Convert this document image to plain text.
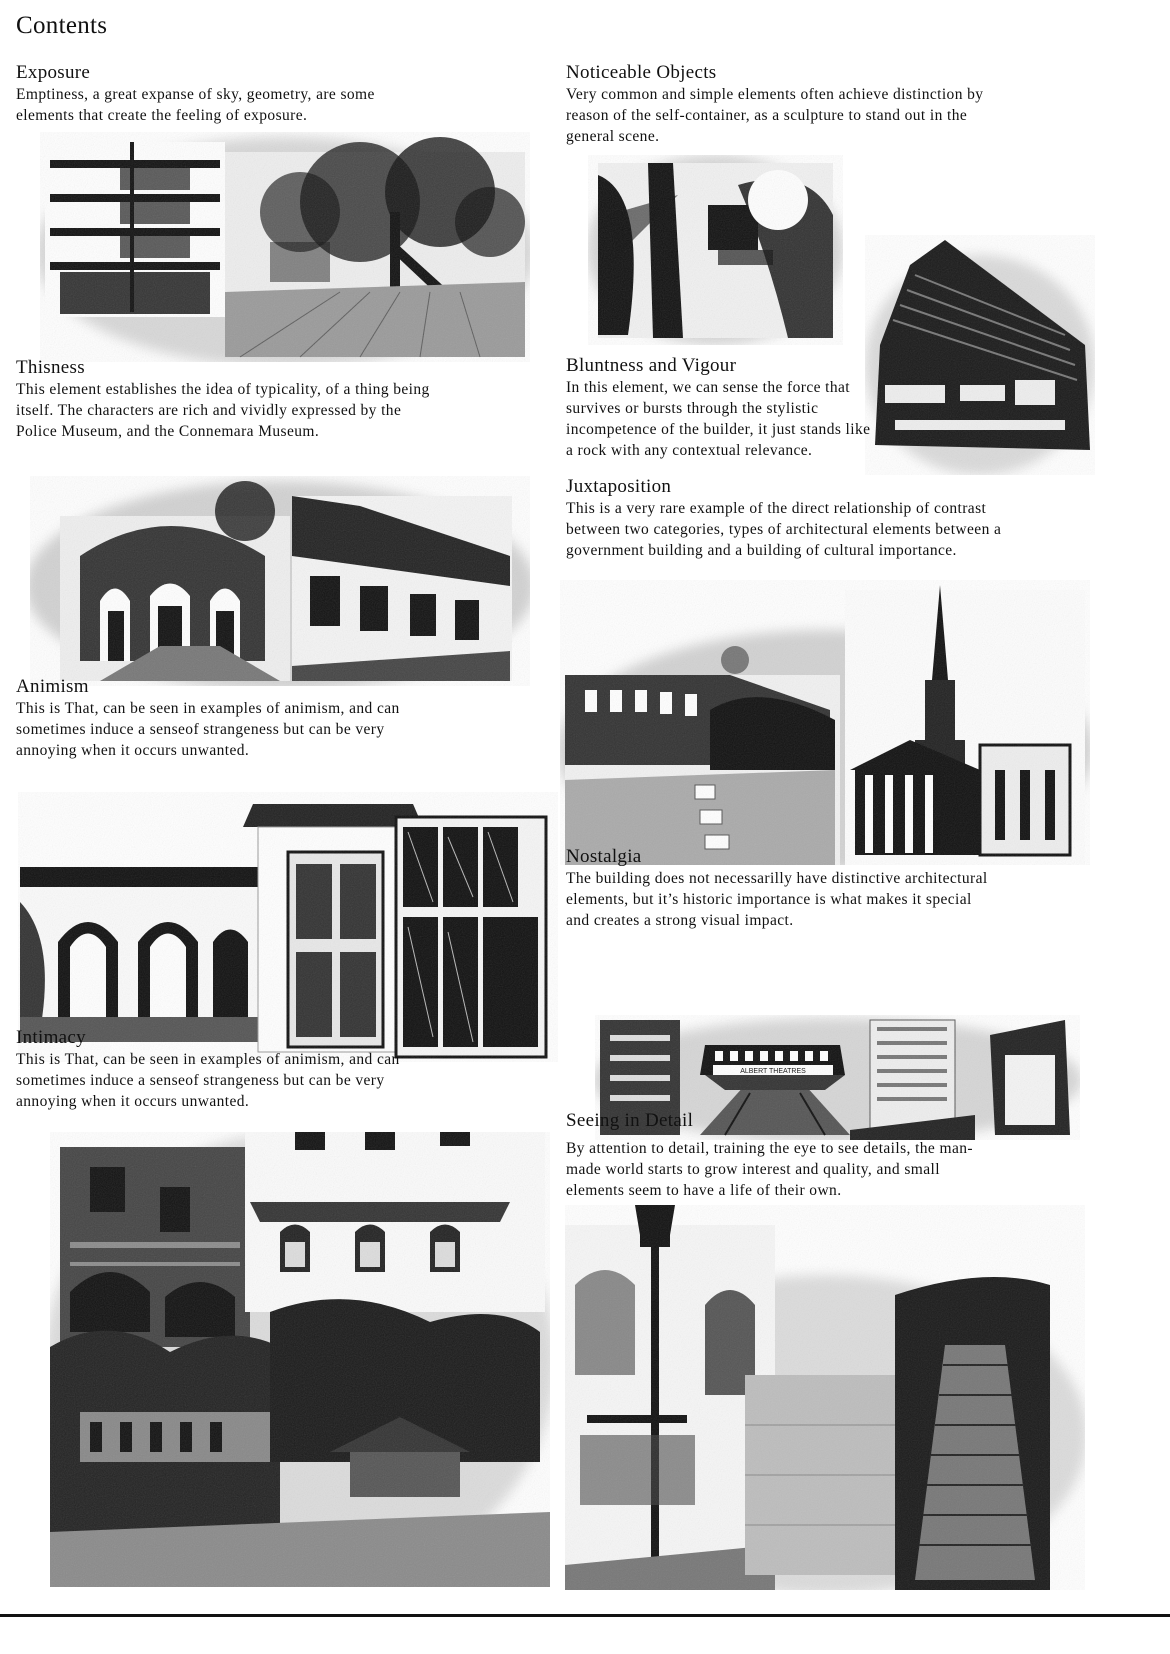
Contents
Exposure

Emptiness, a great expanse of sky, geometry, are some elements that create the feeling of exposure.

Thisness

This element establishes the idea of typicality, of a thing being itself. The characters are rich and vividly expressed by the Police Museum, and the Connemara Museum.

Animism

This is That, can be seen in examples of animism, and can sometimes induce a senseof strangeness but can be very annoying when it occurs unwanted.

Intimacy

This is That, can be seen in examples of animism, and can sometimes induce a senseof strangeness but can be very annoying when it occurs unwanted.

Noticeable Objects

Very common and simple elements often achieve distinction by reason of the self-container, as a sculpture to stand out in the general scene.

Bluntness and Vigour

In this element, we can sense the force that survives or bursts through the stylistic incompetence of the builder, it just stands like a rock with any contextual relevance.

Juxtaposition

This is a very rare example of the direct relationship of contrast between two categories, types of architectural elements between a government building and a building of cultural importance.

Nostalgia

The building does not necessarilly have distinctive architectural elements, but it’s historic importance is what makes it special and creates a strong visual impact.

ALBERT THEATRES
Seeing in Detail

By attention to detail, training the eye to see details, the man-made world starts to grow interest and quality, and small elements seem to have a life of their own.
